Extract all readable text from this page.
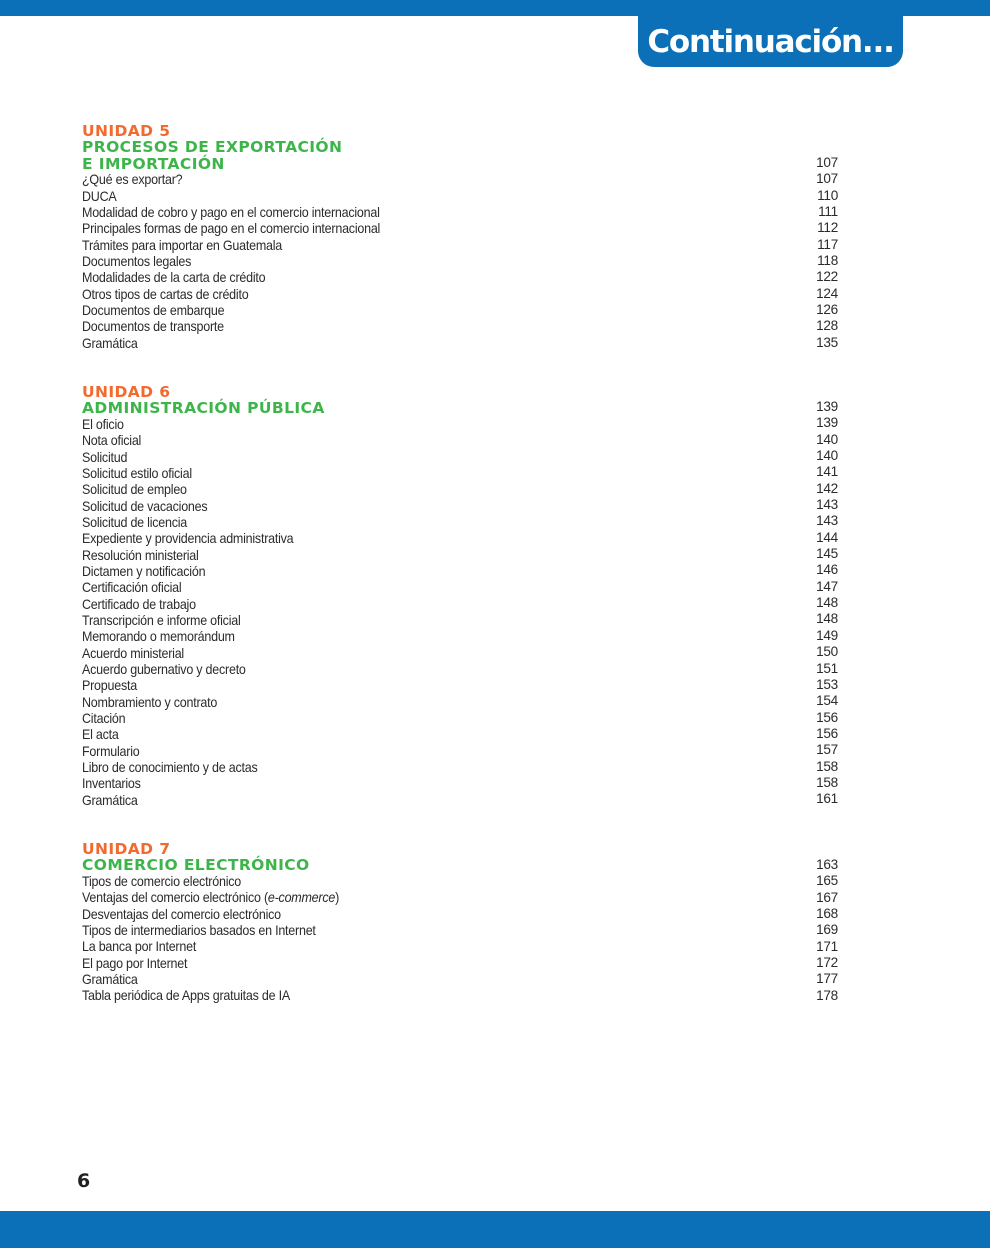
Continuación...
UNIDAD 5
PROCESOS DE EXPORTACIÓN
E IMPORTACIÓN
¿Qué es exportar?
DUCA
Modalidad de cobro y pago en el comercio internacional
Principales formas de pago en el comercio internacional
Trámites para importar en Guatemala
Documentos legales
Modalidades de la carta de crédito
Otros tipos de cartas de crédito
Documentos de embarque
Documentos de transporte
Gramática
107
107
110
111
112
117
118
122
124
126
128
135
UNIDAD 6
ADMINISTRACIÓN PÚBLICA
El oficio
Nota oficial
Solicitud
Solicitud estilo oficial
Solicitud de empleo
Solicitud de vacaciones
Solicitud de licencia
Expediente y providencia administrativa
Resolución ministerial
Dictamen y notificación
Certificación oficial
Certificado de trabajo
Transcripción e informe oficial
Memorando o memorándum
Acuerdo ministerial
Acuerdo gubernativo y decreto
Propuesta
Nombramiento y contrato
Citación
El acta
Formulario
Libro de conocimiento y de actas
Inventarios
Gramática
139
139
140
140
141
142
143
143
144
145
146
147
148
148
149
150
151
153
154
156
156
157
158
158
161
UNIDAD 7
COMERCIO ELECTRÓNICO
Tipos de comercio electrónico
Ventajas del comercio electrónico (e-commerce)
Desventajas del comercio electrónico
Tipos de intermediarios basados en Internet
La banca por Internet
El pago por Internet
Gramática
Tabla periódica de Apps gratuitas de IA
163
165
167
168
169
171
172
177
178
6
